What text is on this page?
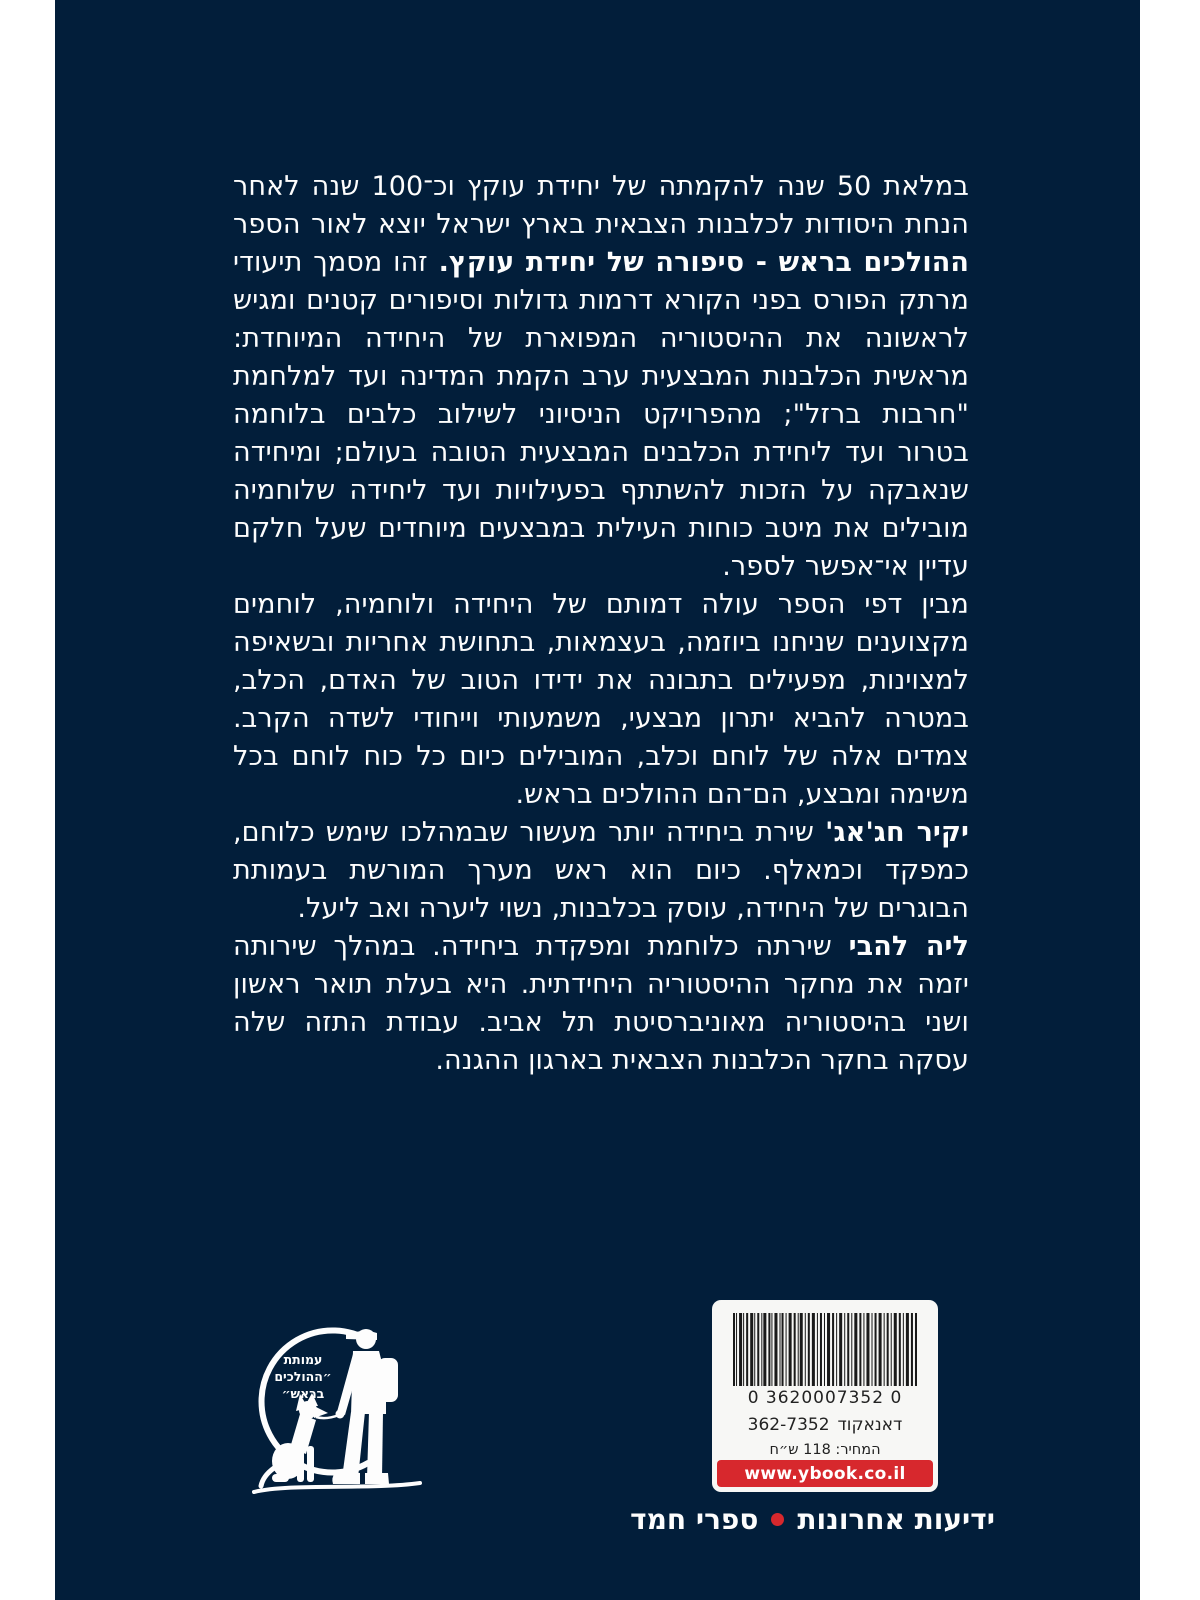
במלאת 50 שנה להקמתה של יחידת עוקץ וכ־100 שנה לאחר הנחת היסודות לכלבנות הצבאית בארץ ישראל יוצא לאור הספר ההולכים בראש - סיפורה של יחידת עוקץ. זהו מסמך תיעודי מרתק הפורס בפני הקורא דרמות גדולות וסיפורים קטנים ומגיש לראשונה את ההיסטוריה המפוארת של היחידה המיוחדת: מראשית הכלבנות המבצעית ערב הקמת המדינה ועד למלחמת "חרבות ברזל"; מהפרויקט הניסיוני לשילוב כלבים בלוחמה בטרור ועד ליחידת הכלבנים המבצעית הטובה בעולם; ומיחידה שנאבקה על הזכות להשתתף בפעילויות ועד ליחידה שלוחמיה מובילים את מיטב כוחות העילית במבצעים מיוחדים שעל חלקם עדיין אי־אפשר לספר.

מבין דפי הספר עולה דמותם של היחידה ולוחמיה, לוחמים מקצוענים שניחנו ביוזמה, בעצמאות, בתחושת אחריות ובשאיפה למצוינות, מפעילים בתבונה את ידידו הטוב של האדם, הכלב, במטרה להביא יתרון מבצעי, משמעותי וייחודי לשדה הקרב. צמדים אלה של לוחם וכלב, המובילים כיום כל כוח לוחם בכל משימה ומבצע, הם־הם ההולכים בראש.

יקיר חג'אג' שירת ביחידה יותר מעשור שבמהלכו שימש כלוחם, כמפקד וכמאלף. כיום הוא ראש מערך המורשת בעמותת הבוגרים של היחידה, עוסק בכלבנות, נשוי ליערה ואב ליעל.

ליה להבי שירתה כלוחמת ומפקדת ביחידה. במהלך שירותה יזמה את מחקר ההיסטוריה היחידתית. היא בעלת תואר ראשון ושני בהיסטוריה מאוניברסיטת תל אביב. עבודת התזה שלה עסקה בחקר הכלבנות הצבאית בארגון ההגנה.

עמותת
״ההולכים
בראש״	0 3620007352 0
דאנאקוד362-7352
המחיר: 118 ש״ח
www.ybook.co.il
ידיעות אחרונות
ספרי חמד
